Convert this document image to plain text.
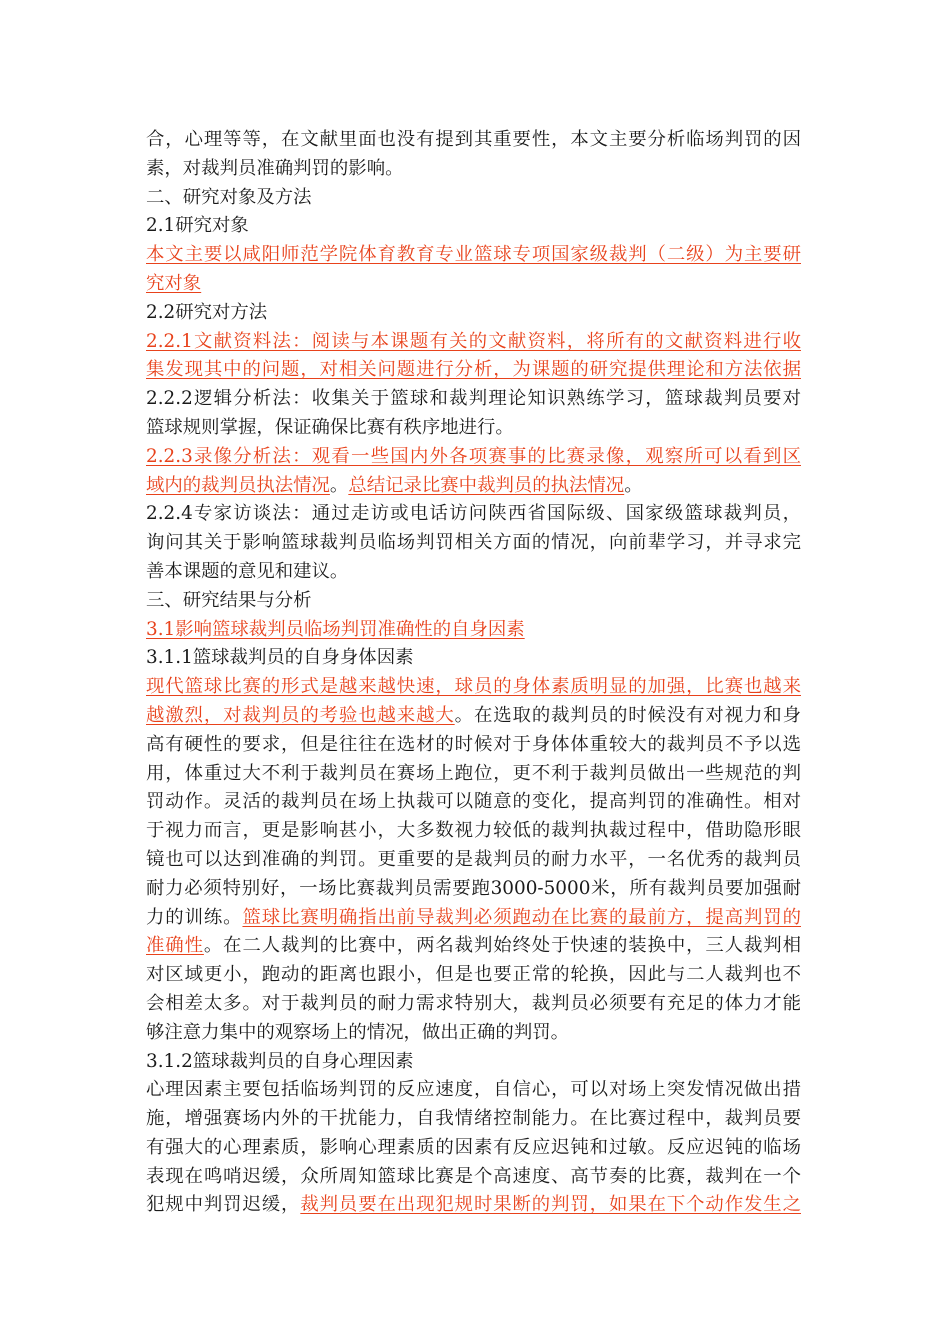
合，心理等等，在文献里面也没有提到其重要性，本文主要分析临场判罚的因
素，对裁判员准确判罚的影响。
二、研究对象及方法
2.1研究对象
本文主要以咸阳师范学院体育教育专业篮球专项国家级裁判（二级）为主要研
究对象
2.2研究对方法
2.2.1文献资料法：阅读与本课题有关的文献资料，将所有的文献资料进行收
集发现其中的问题，对相关问题进行分析，为课题的研究提供理论和方法依据
2.2.2逻辑分析法：收集关于篮球和裁判理论知识熟练学习，篮球裁判员要对
篮球规则掌握，保证确保比赛有秩序地进行。
2.2.3录像分析法：观看一些国内外各项赛事的比赛录像，观察所可以看到区
域内的裁判员执法情况。总结记录比赛中裁判员的执法情况。
2.2.4专家访谈法：通过走访或电话访问陕西省国际级、国家级篮球裁判员，
询问其关于影响篮球裁判员临场判罚相关方面的情况，向前辈学习，并寻求完
善本课题的意见和建议。
三、研究结果与分析
3.1影响篮球裁判员临场判罚准确性的自身因素
3.1.1篮球裁判员的自身身体因素
现代篮球比赛的形式是越来越快速，球员的身体素质明显的加强，比赛也越来
越激烈，对裁判员的考验也越来越大。在选取的裁判员的时候没有对视力和身
高有硬性的要求，但是往往在选材的时候对于身体体重较大的裁判员不予以选
用，体重过大不利于裁判员在赛场上跑位，更不利于裁判员做出一些规范的判
罚动作。灵活的裁判员在场上执裁可以随意的变化，提高判罚的准确性。相对
于视力而言，更是影响甚小，大多数视力较低的裁判执裁过程中，借助隐形眼
镜也可以达到准确的判罚。更重要的是裁判员的耐力水平，一名优秀的裁判员
耐力必须特别好，一场比赛裁判员需要跑3000-5000米，所有裁判员要加强耐
力的训练。篮球比赛明确指出前导裁判必须跑动在比赛的最前方，提高判罚的
准确性。在二人裁判的比赛中，两名裁判始终处于快速的装换中，三人裁判相
对区域更小，跑动的距离也跟小，但是也要正常的轮换，因此与二人裁判也不
会相差太多。对于裁判员的耐力需求特别大，裁判员必须要有充足的体力才能
够注意力集中的观察场上的情况，做出正确的判罚。
3.1.2篮球裁判员的自身心理因素
心理因素主要包括临场判罚的反应速度，自信心，可以对场上突发情况做出措
施，增强赛场内外的干扰能力，自我情绪控制能力。在比赛过程中，裁判员要
有强大的心理素质，影响心理素质的因素有反应迟钝和过敏。反应迟钝的临场
表现在鸣哨迟缓，众所周知篮球比赛是个高速度、高节奏的比赛，裁判在一个
犯规中判罚迟缓，裁判员要在出现犯规时果断的判罚，如果在下个动作发生之
